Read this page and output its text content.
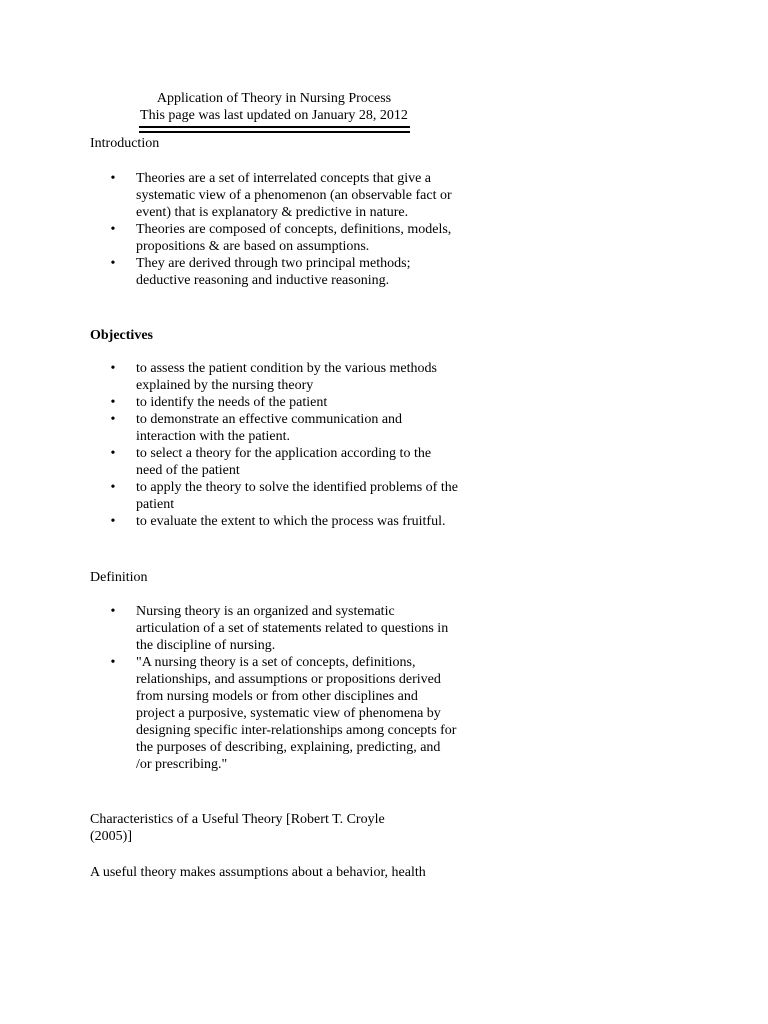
Application of Theory in Nursing Process
This page was last updated on January 28, 2012
Introduction
• Theories are a set of interrelated concepts that give a systematic view of a phenomenon (an observable fact or event) that is explanatory & predictive in nature.
• Theories are composed of concepts, definitions, models, propositions & are based on assumptions.
• They are derived through two principal methods; deductive reasoning and inductive reasoning.
Objectives
• to assess the patient condition by the various methods explained by the nursing theory
• to identify the needs of the patient
• to demonstrate an effective communication and interaction with the patient.
• to select a theory for the application according to the need of the patient
• to apply the theory to solve the identified problems of the patient
• to evaluate the extent to which the process was fruitful.
Definition
• Nursing theory is an organized and systematic articulation of a set of statements related to questions in the discipline of nursing.
• "A nursing theory is a set of concepts, definitions, relationships, and assumptions or propositions derived from nursing models or from other disciplines and project a purposive, systematic view of phenomena by designing specific inter-relationships among concepts for the purposes of describing, explaining, predicting, and /or prescribing."
Characteristics of a Useful Theory [Robert T. Croyle (2005)]

A useful theory makes assumptions about a behavior, health
